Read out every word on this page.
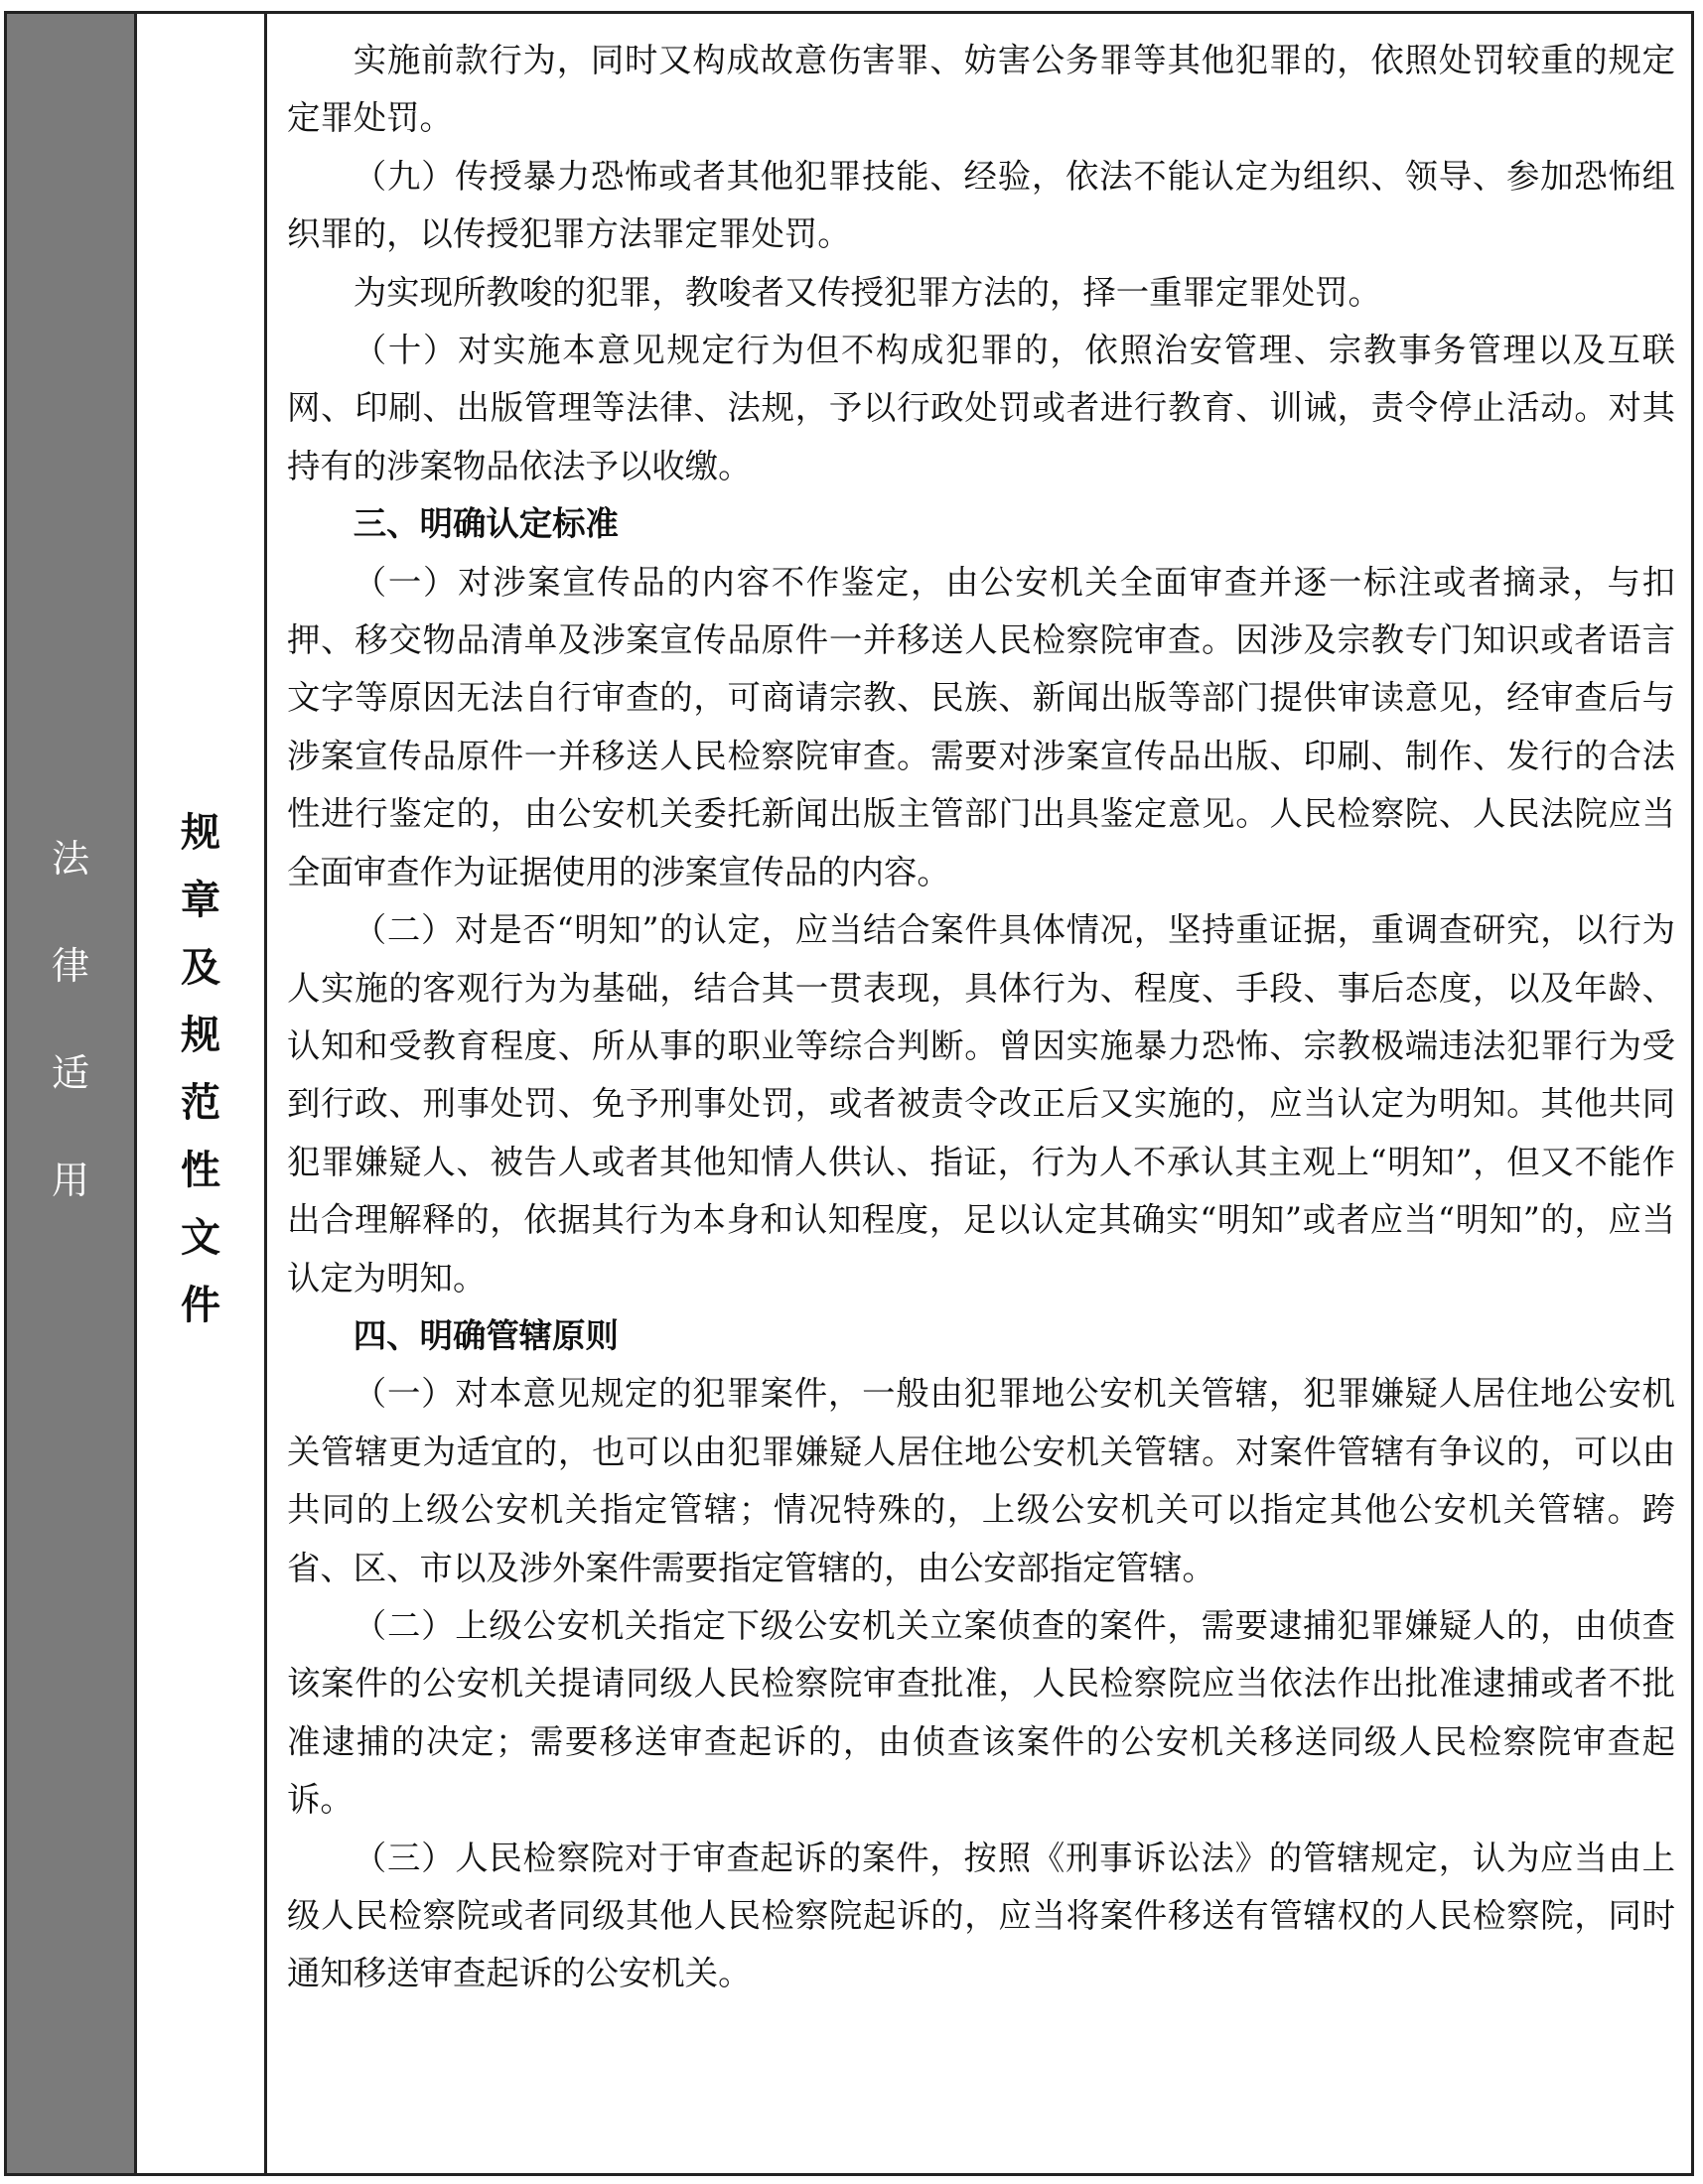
法
律
适
用
规
章
及
规
范
性
文
件

实施前款行为，同时又构成故意伤害罪、妨害公务罪等其他犯罪的，依照处罚较重的规定定罪处罚。

（九）传授暴力恐怖或者其他犯罪技能、经验，依法不能认定为组织、领导、参加恐怖组织罪的，以传授犯罪方法罪定罪处罚。

为实现所教唆的犯罪，教唆者又传授犯罪方法的，择一重罪定罪处罚。

（十）对实施本意见规定行为但不构成犯罪的，依照治安管理、宗教事务管理以及互联网、印刷、出版管理等法律、法规，予以行政处罚或者进行教育、训诫，责令停止活动。对其持有的涉案物品依法予以收缴。

三、明确认定标准

（一）对涉案宣传品的内容不作鉴定，由公安机关全面审查并逐一标注或者摘录，与扣押、移交物品清单及涉案宣传品原件一并移送人民检察院审查。因涉及宗教专门知识或者语言文字等原因无法自行审查的，可商请宗教、民族、新闻出版等部门提供审读意见，经审查后与涉案宣传品原件一并移送人民检察院审查。需要对涉案宣传品出版、印刷、制作、发行的合法性进行鉴定的，由公安机关委托新闻出版主管部门出具鉴定意见。人民检察院、人民法院应当全面审查作为证据使用的涉案宣传品的内容。

（二）对是否“明知”的认定，应当结合案件具体情况，坚持重证据，重调查研究，以行为人实施的客观行为为基础，结合其一贯表现，具体行为、程度、手段、事后态度，以及年龄、认知和受教育程度、所从事的职业等综合判断。曾因实施暴力恐怖、宗教极端违法犯罪行为受到行政、刑事处罚、免予刑事处罚，或者被责令改正后又实施的，应当认定为明知。其他共同犯罪嫌疑人、被告人或者其他知情人供认、指证，行为人不承认其主观上“明知”，但又不能作出合理解释的，依据其行为本身和认知程度，足以认定其确实“明知”或者应当“明知”的，应当认定为明知。

四、明确管辖原则

（一）对本意见规定的犯罪案件，一般由犯罪地公安机关管辖，犯罪嫌疑人居住地公安机关管辖更为适宜的，也可以由犯罪嫌疑人居住地公安机关管辖。对案件管辖有争议的，可以由共同的上级公安机关指定管辖；情况特殊的，上级公安机关可以指定其他公安机关管辖。跨省、区、市以及涉外案件需要指定管辖的，由公安部指定管辖。

（二）上级公安机关指定下级公安机关立案侦查的案件，需要逮捕犯罪嫌疑人的，由侦查该案件的公安机关提请同级人民检察院审查批准，人民检察院应当依法作出批准逮捕或者不批准逮捕的决定；需要移送审查起诉的，由侦查该案件的公安机关移送同级人民检察院审查起诉。

（三）人民检察院对于审查起诉的案件，按照《刑事诉讼法》的管辖规定，认为应当由上级人民检察院或者同级其他人民检察院起诉的，应当将案件移送有管辖权的人民检察院，同时通知移送审查起诉的公安机关。
